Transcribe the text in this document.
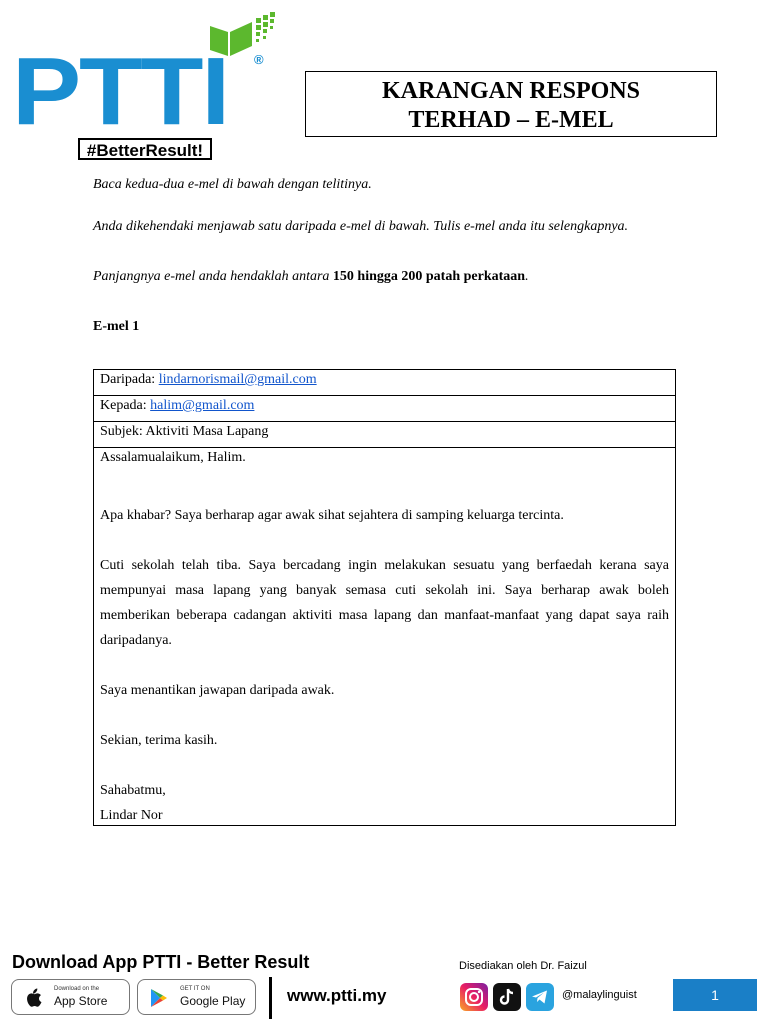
PTTI ®
#BetterResult!
KARANGAN RESPONS
TERHAD – E-MEL
Baca kedua-dua e-mel di bawah dengan telitinya.
Anda dikehendaki menjawab satu daripada e-mel di bawah. Tulis e-mel anda itu selengkapnya.
Panjangnya e-mel anda hendaklah antara 150 hingga 200 patah perkataan.
E-mel 1
Daripada: lindarnorismail@gmail.com
Kepada: halim@gmail.com
Subjek: Aktiviti Masa Lapang

Assalamualaikum, Halim.

Apa khabar? Saya berharap agar awak sihat sejahtera di samping keluarga tercinta.

Cuti sekolah telah tiba. Saya bercadang ingin melakukan sesuatu yang berfaedah kerana saya mempunyai masa lapang yang banyak semasa cuti sekolah ini. Saya berharap awak boleh memberikan beberapa cadangan aktiviti masa lapang dan manfaat-manfaat yang dapat saya raih daripadanya.

Saya menantikan jawapan daripada awak.

Sekian, terima kasih.

Sahabatmu,

Lindar Nor

Download App PTTI - Better Result
Download on the
App Store
GET IT ON
Google Play www.ptti.my
Disediakan oleh Dr. Faizul
@malaylinguist	1
